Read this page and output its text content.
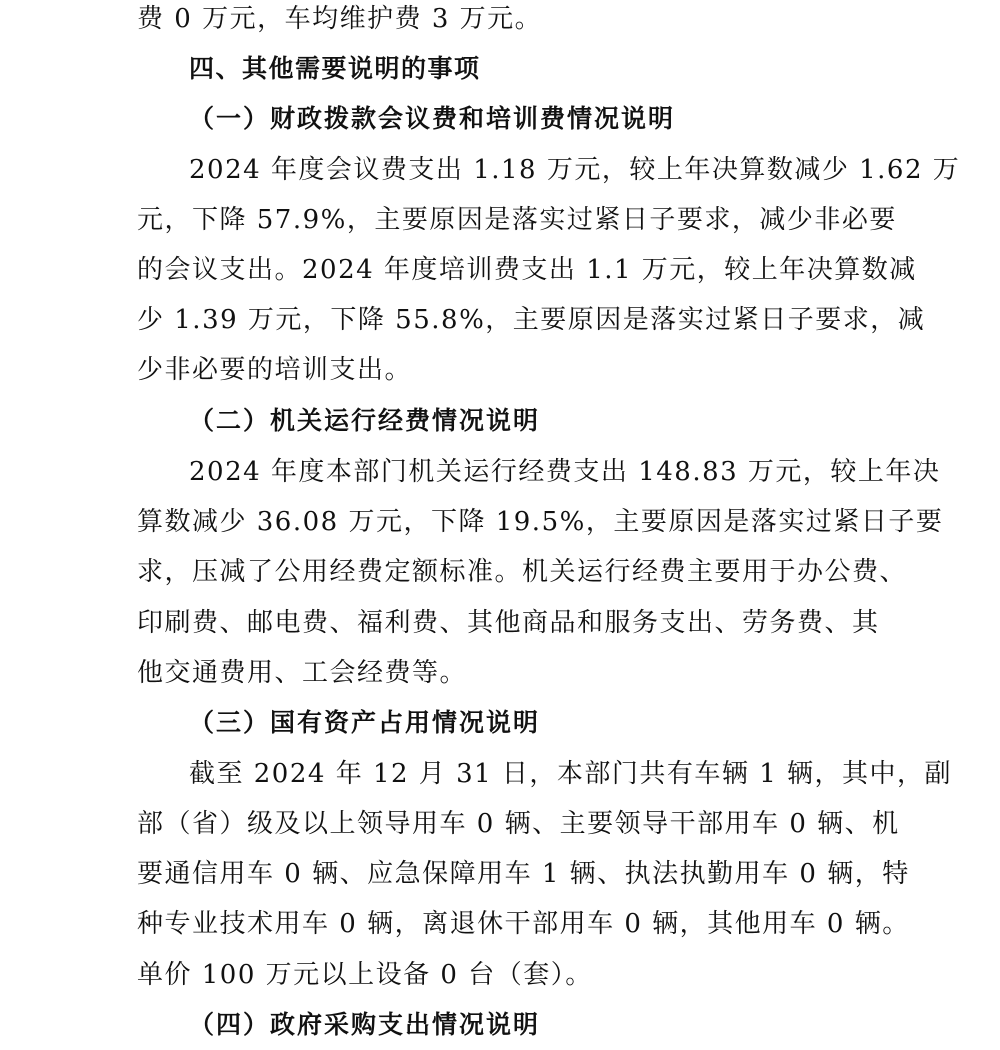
费 0 万元，车均维护费 3 万元。

四、其他需要说明的事项
（一）财政拨款会议费和培训费情况说明

2024 年度会议费支出 1.18 万元，较上年决算数减少 1.62 万

元，下降 57.9%，主要原因是落实过紧日子要求，减少非必要

的会议支出。2024 年度培训费支出 1.1 万元，较上年决算数减

少 1.39 万元，下降 55.8%，主要原因是落实过紧日子要求，减

少非必要的培训支出。

（二）机关运行经费情况说明

2024 年度本部门机关运行经费支出 148.83 万元，较上年决

算数减少 36.08 万元，下降 19.5%，主要原因是落实过紧日子要

求，压减了公用经费定额标准。机关运行经费主要用于办公费、

印刷费、邮电费、福利费、其他商品和服务支出、劳务费、其

他交通费用、工会经费等。

（三）国有资产占用情况说明

截至 2024 年 12 月 31 日，本部门共有车辆 1 辆，其中，副

部（省）级及以上领导用车 0 辆、主要领导干部用车 0 辆、机

要通信用车 0 辆、应急保障用车 1 辆、执法执勤用车 0 辆，特

种专业技术用车 0 辆，离退休干部用车 0 辆，其他用车 0 辆。

单价 100 万元以上设备 0 台（套）。

（四）政府采购支出情况说明
